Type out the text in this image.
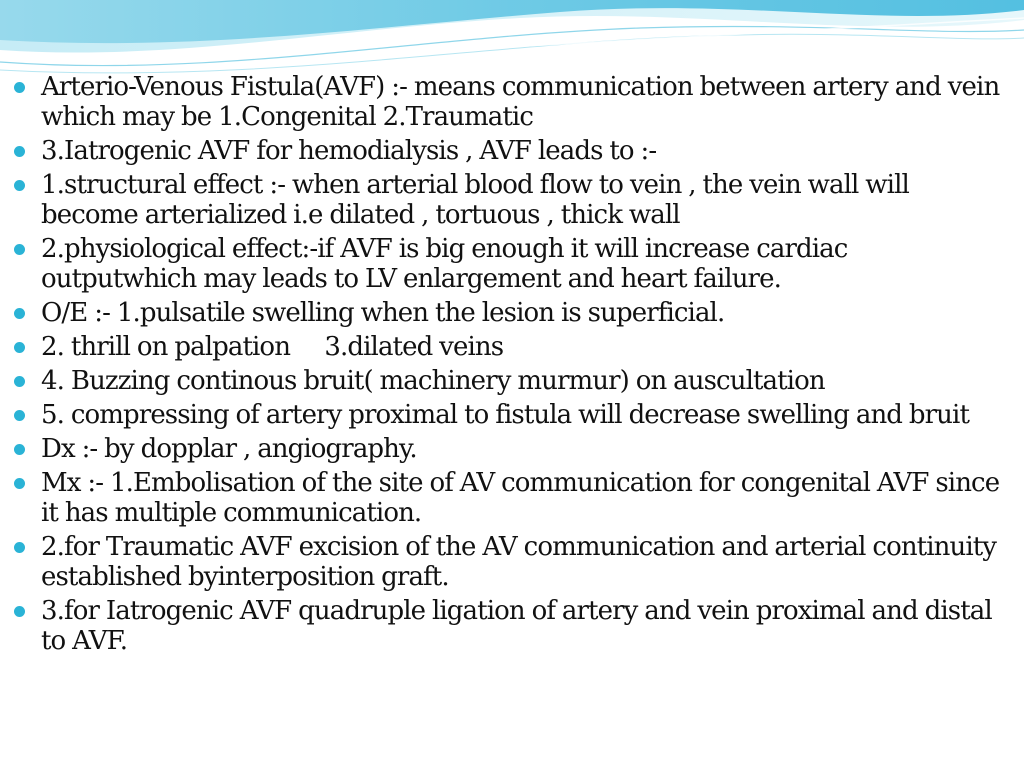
Arterio-Venous Fistula(AVF) :- means communication between artery and vein which may be 1.Congenital 2.Traumatic
3.Iatrogenic AVF for hemodialysis , AVF leads to :-
1.structural effect :- when arterial blood flow to vein , the vein wall will become arterialized i.e dilated , tortuous , thick wall
2.physiological effect:-if AVF is big enough it will increase cardiac outputwhich may leads to LV enlargement and heart failure.
O/E :- 1.pulsatile swelling when the lesion is superficial.
2. thrill on palpation     3.dilated veins
4. Buzzing continous bruit( machinery murmur) on auscultation
5. compressing of artery proximal to fistula will decrease swelling and bruit
Dx :- by dopplar , angiography.
Mx :- 1.Embolisation of the site of AV communication for congenital AVF since it has multiple communication.
2.for Traumatic AVF excision of the AV communication and arterial continuity established byinterposition graft.
3.for Iatrogenic AVF quadruple ligation of artery and vein proximal and distal to AVF.
